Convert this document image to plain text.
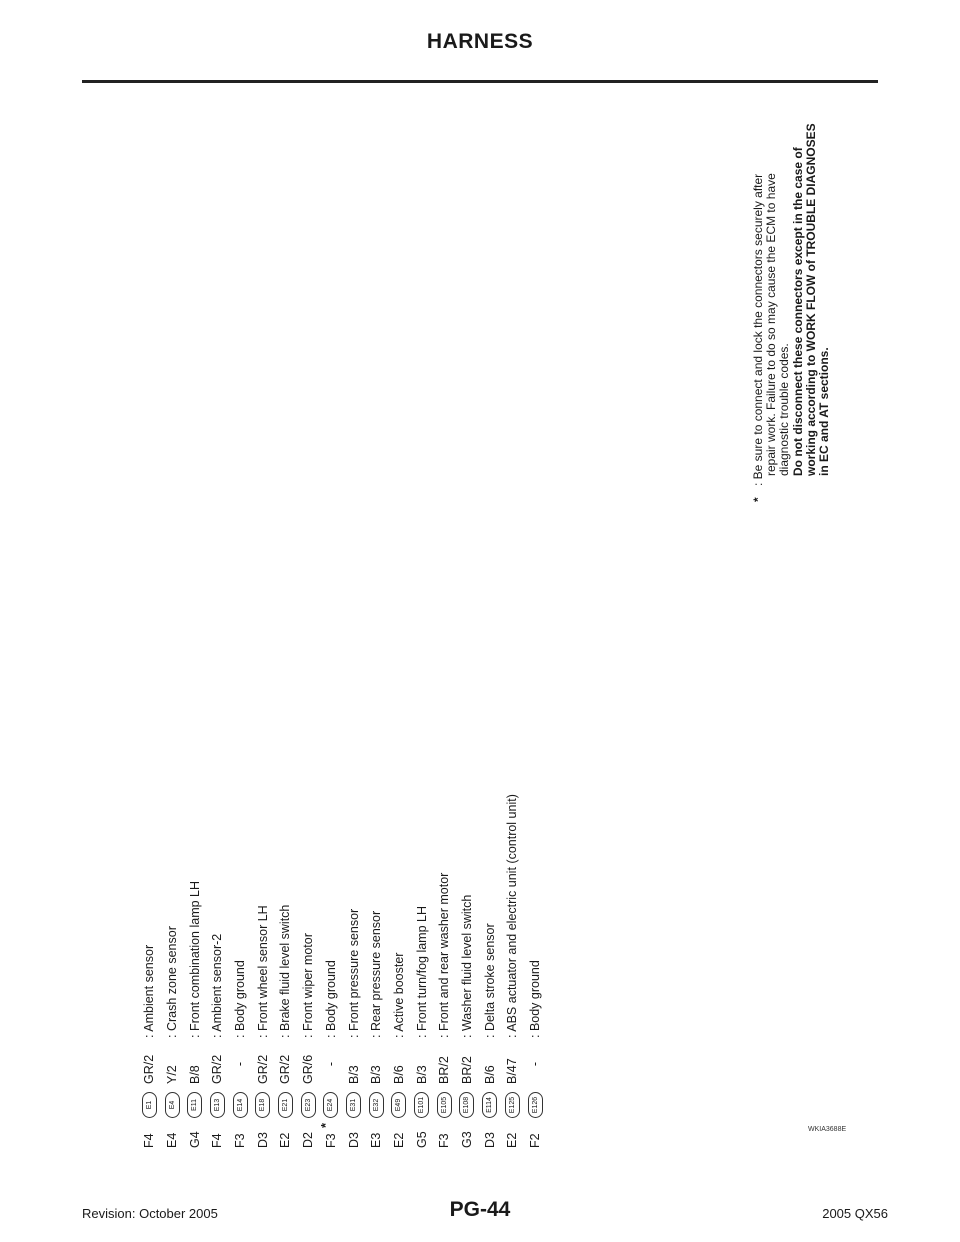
HARNESS
F4
E1
GR/2
: Ambient sensor
E4
E4
Y/2
: Crash zone sensor
G4
E11
B/8
: Front combination lamp LH
F4
E13
GR/2
: Ambient sensor-2
F3
E14
-
: Body ground
D3
E18
GR/2
: Front wheel sensor LH
E2
E21
GR/2
: Brake fluid level switch
D2
E23
GR/6
: Front wiper motor
F3
*
E24
-
: Body ground
D3
E31
B/3
: Front pressure sensor
E3
E32
B/3
: Rear pressure sensor
E2
E49
B/6
: Active booster
G5
E101
B/3
: Front turn/fog lamp LH
F3
E105
BR/2
: Front and rear washer motor
G3
E108
BR/2
: Washer fluid level switch
D3
E114
B/6
: Delta stroke sensor
E2
E125
B/47
: ABS actuator and electric unit (control unit)
F2
E126
-
: Body ground
*
: Be sure to connect and lock the connectors securely after repair work. Failure to do so may cause the ECM to have diagnostic trouble codes. Do not disconnect these connectors except in the case of working according to WORK FLOW of TROUBLE DIAGNOSES in EC and AT sections.

WKIA3688E
Revision: October 2005	PG-44	2005 QX56
